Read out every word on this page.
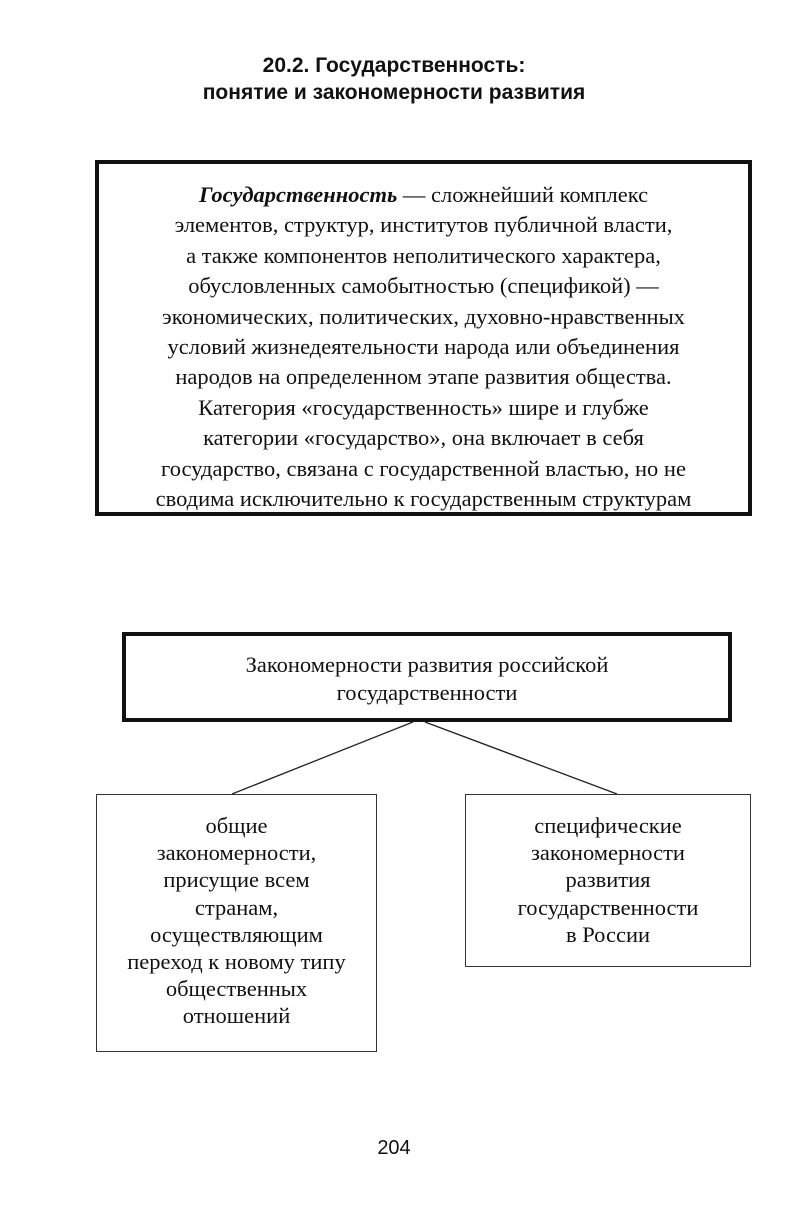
20.2. Государственность:
понятие и закономерности развития
Государственность — сложнейший комплекс
элементов, структур, институтов публичной власти,
а также компонентов неполитического характера,
обусловленных самобытностью (спецификой) —
экономических, политических, духовно-нравственных
условий жизнедеятельности народа или объединения
народов на определенном этапе развития общества.
Категория «государственность» шире и глубже
категории «государство», она включает в себя
государство, связана с государственной властью, но не
сводима исключительно к государственным структурам
Закономерности развития российской
государственности
общие
закономерности,
присущие всем
странам,
осуществляющим
переход к новому типу
общественных
отношений
специфические
закономерности
развития
государственности
в России
204
